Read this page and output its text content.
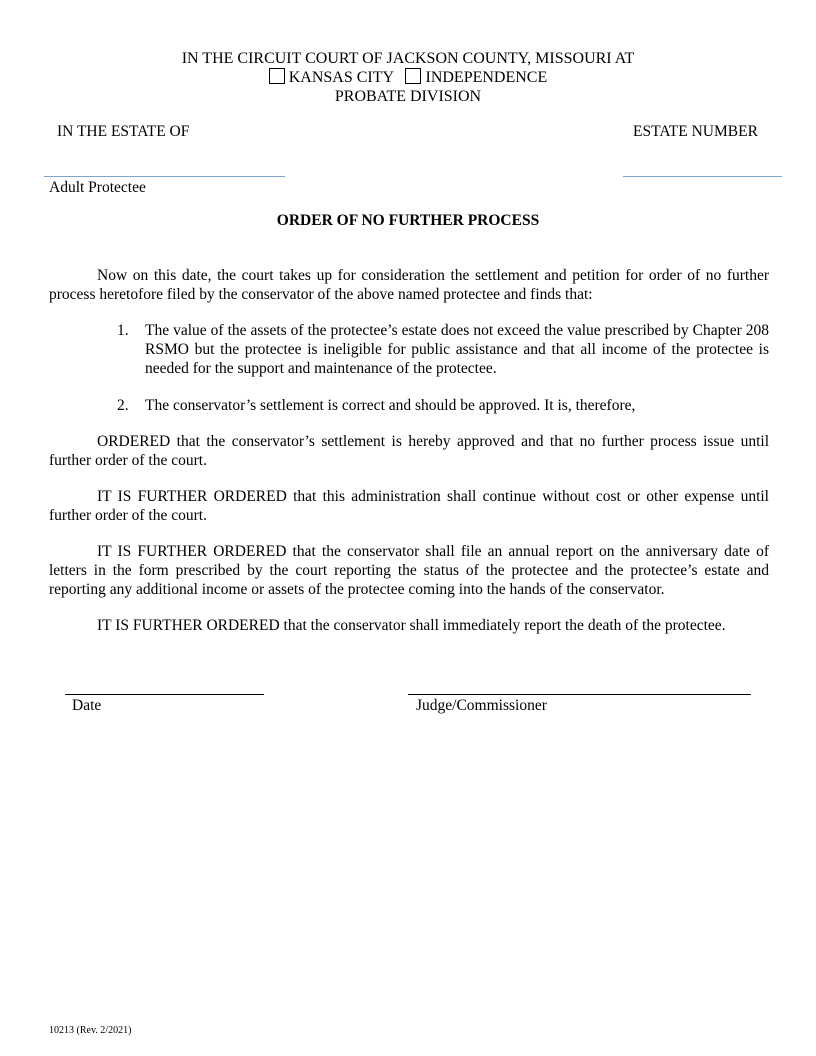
IN THE CIRCUIT COURT OF JACKSON COUNTY, MISSOURI AT
KANSAS CITY INDEPENDENCE
PROBATE DIVISION
IN THE ESTATE OF	ESTATE NUMBER
Adult Protectee
ORDER OF NO FURTHER PROCESS
Now on this date, the court takes up for consideration the settlement and petition for order of no further process heretofore filed by the conservator of the above named protectee and finds that:
1.	The value of the assets of the protectee’s estate does not exceed the value prescribed by Chapter 208 RSMO but the protectee is ineligible for public assistance and that all income of the protectee is needed for the support and maintenance of the protectee.
2.	The conservator’s settlement is correct and should be approved. It is, therefore,
ORDERED that the conservator’s settlement is hereby approved and that no further process issue until further order of the court.
IT IS FURTHER ORDERED that this administration shall continue without cost or other expense until further order of the court.
IT IS FURTHER ORDERED that the conservator shall file an annual report on the anniversary date of letters in the form prescribed by the court reporting the status of the protectee and the protectee’s estate and reporting any additional income or assets of the protectee coming into the hands of the conservator.
IT IS FURTHER ORDERED that the conservator shall immediately report the death of the protectee.
Date	Judge/Commissioner
10213 (Rev. 2/2021)
